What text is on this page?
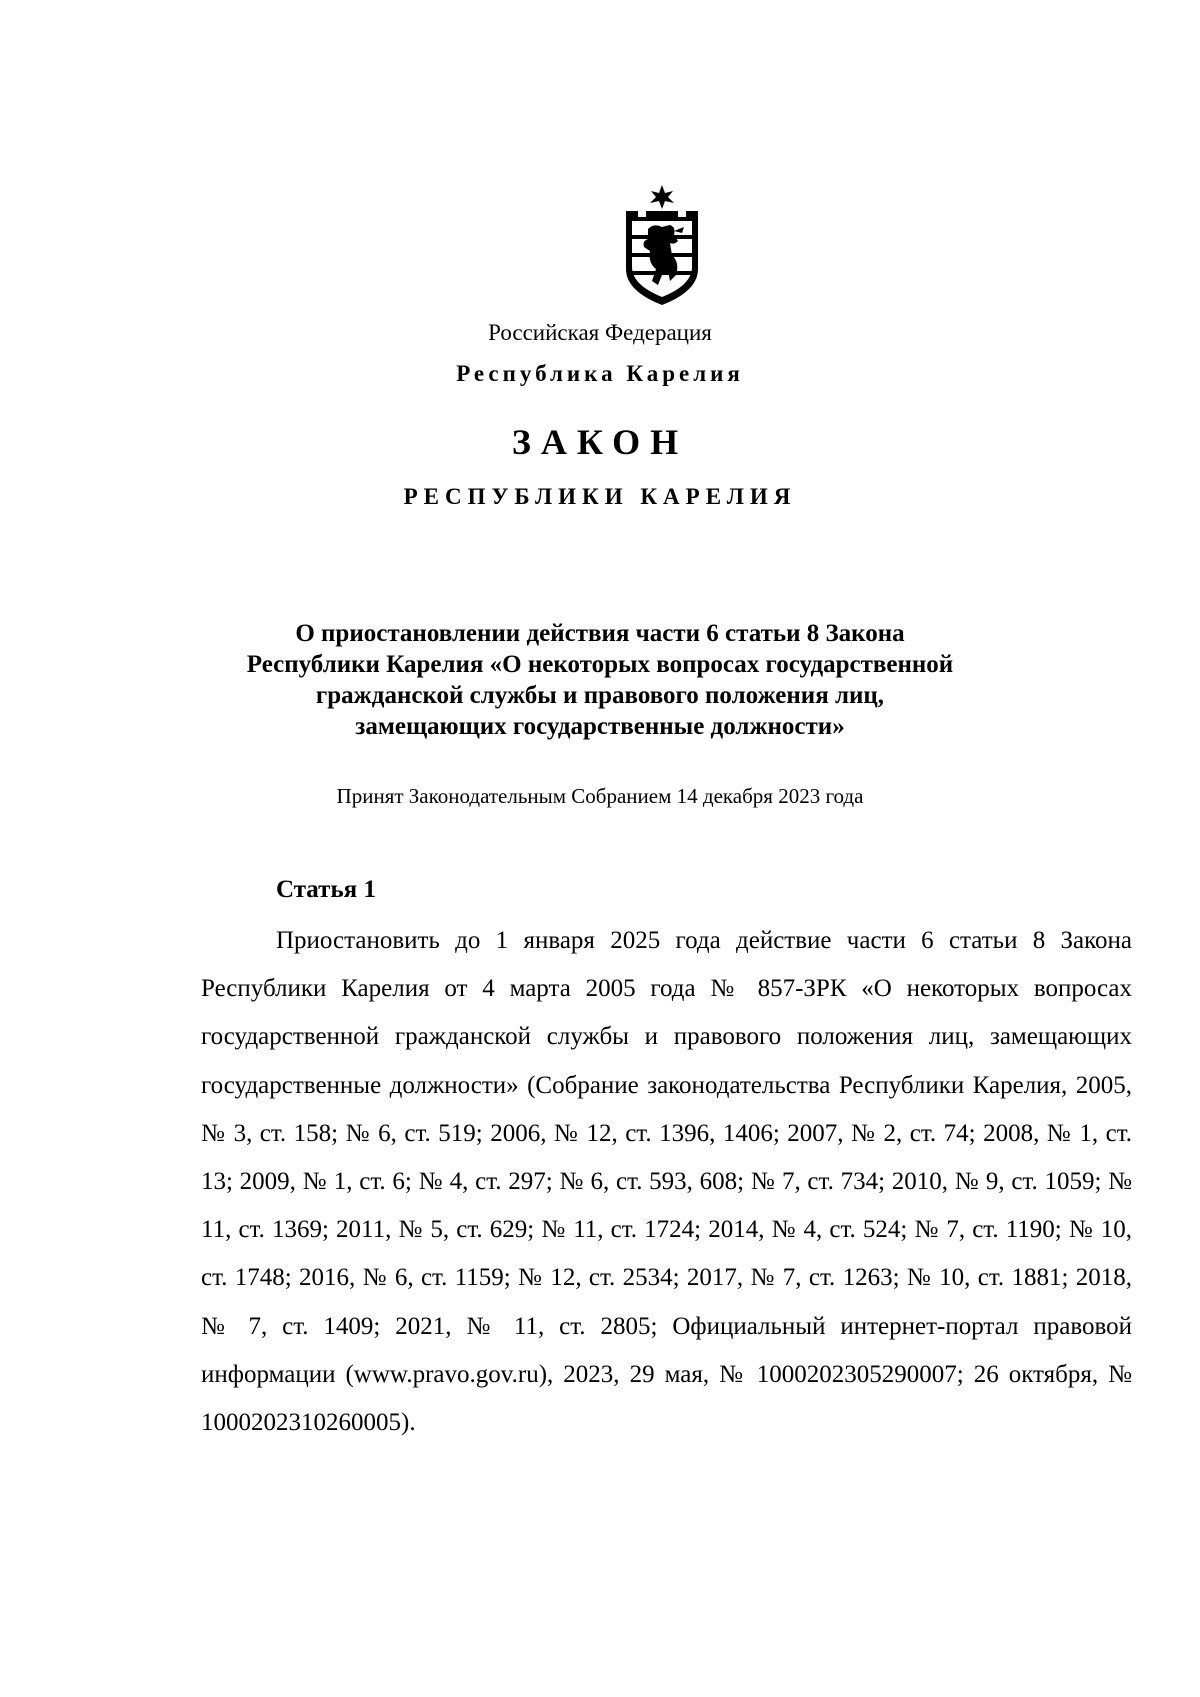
Российская Федерация
Республика Карелия
ЗАКОН
РЕСПУБЛИКИ КАРЕЛИЯ
О приостановлении действия части 6 статьи 8 Закона
Республики Карелия «О некоторых вопросах государственной
гражданской службы и правового положения лиц,
замещающих государственные должности»
Принят Законодательным Собранием 14 декабря 2023 года
Статья 1

Приостановить до 1 января 2025 года действие части 6 статьи 8 Закона Республики Карелия от 4 марта 2005 года № 857-ЗРК «О некоторых вопросах государственной гражданской службы и правового положения лиц, замещающих государственные должности» (Собрание законодательства Республики Карелия, 2005, № 3, ст. 158; № 6, ст. 519; 2006, № 12, ст. 1396, 1406; 2007, № 2, ст. 74; 2008, № 1, ст. 13; 2009, № 1, ст. 6; № 4, ст. 297; № 6, ст. 593, 608; № 7, ст. 734; 2010, № 9, ст. 1059; № 11, ст. 1369; 2011, № 5, ст. 629; № 11, ст. 1724; 2014, № 4, ст. 524; № 7, ст. 1190; № 10, ст. 1748; 2016, № 6, ст. 1159; № 12, ст. 2534; 2017, № 7, ст. 1263; № 10, ст. 1881; 2018, № 7, ст. 1409; 2021, № 11, ст. 2805; Официальный интернет-портал правовой информации (www.pravo.gov.ru), 2023, 29 мая, № 1000202305290007; 26 октября, № 1000202310260005).
